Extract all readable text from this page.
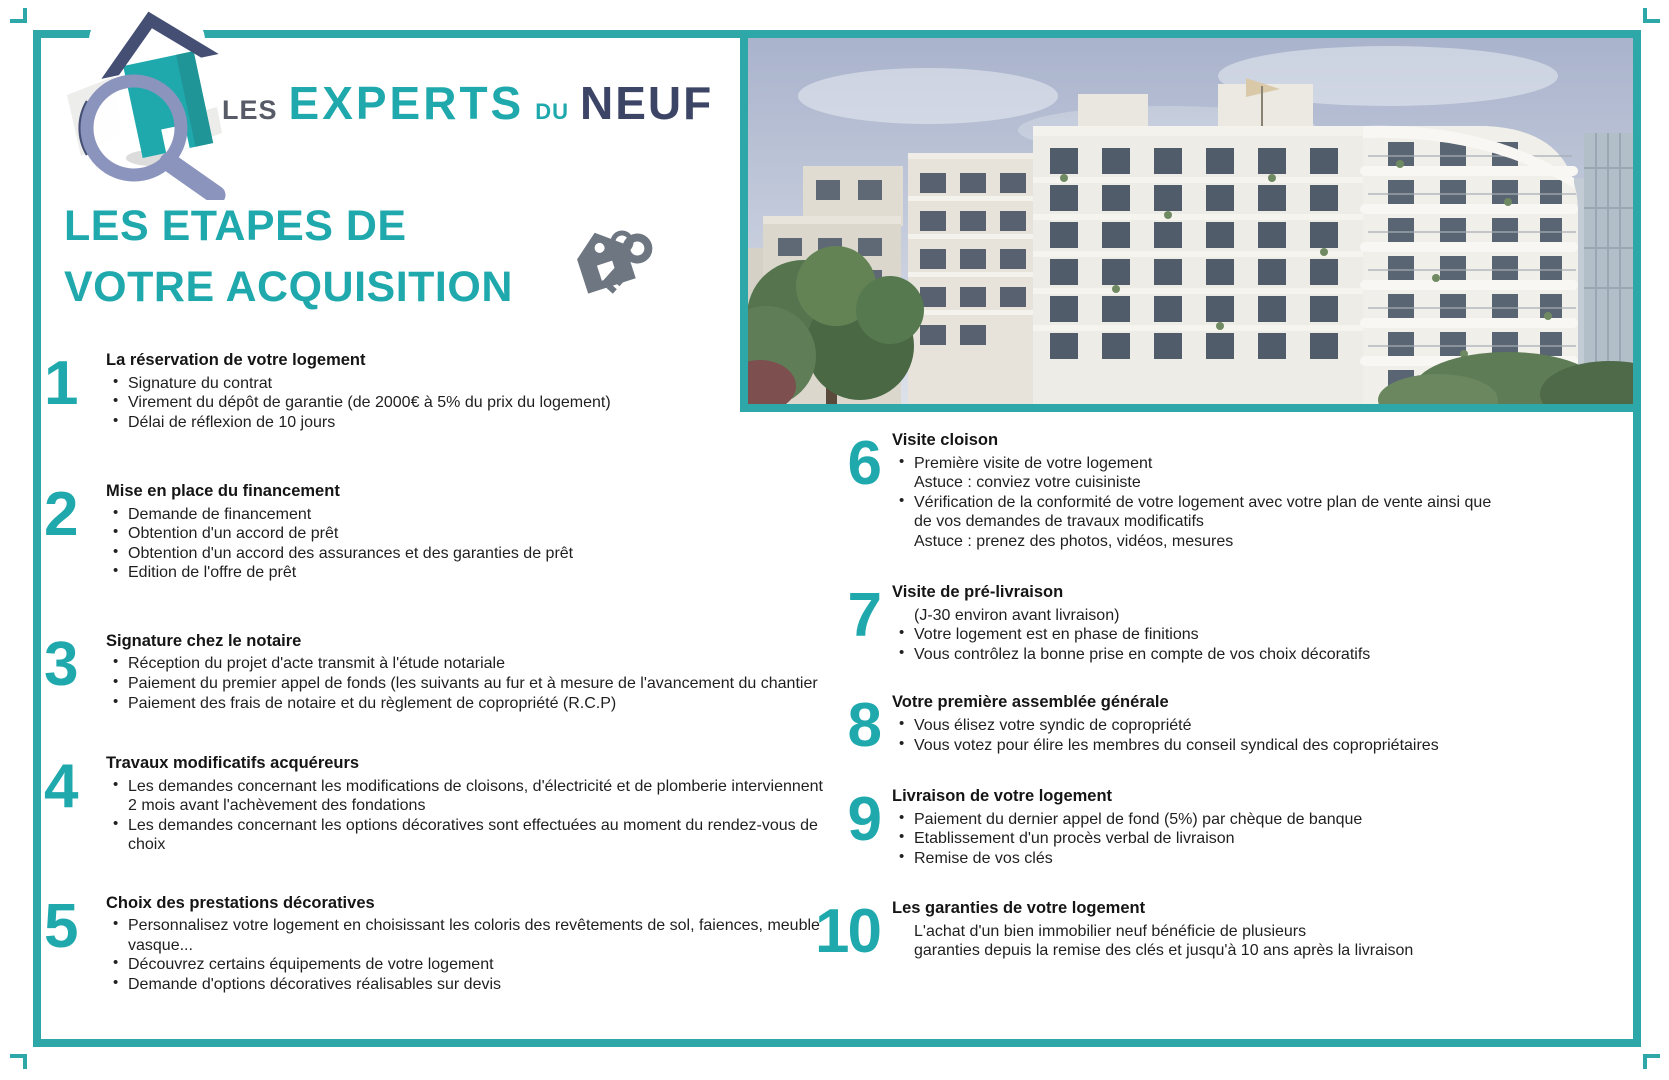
LES EXPERTS DU NEUF
LES ETAPES DE
VOTRE ACQUISITION
1	La réservation de votre logement
• Signature du contrat
• Virement du dépôt de garantie (de 2000€ à 5% du prix du logement)
• Délai de réflexion de 10 jours
2	Mise en place du financement
• Demande de financement
• Obtention d'un accord de prêt
• Obtention d'un accord des assurances et des garanties de prêt
• Edition de l'offre de prêt
3	Signature chez le notaire
• Réception du projet d'acte transmit à l'étude notariale
• Paiement du premier appel de fonds (les suivants au fur et à mesure de l'avancement du chantier
• Paiement des frais de notaire et du règlement de copropriété (R.C.P)
4	Travaux modificatifs acquéreurs
• Les demandes concernant les modifications de cloisons, d'électricité et de plomberie interviennent 2 mois avant l'achèvement des fondations
• Les demandes concernant les options décoratives sont effectuées au moment du rendez-vous de choix
5	Choix des prestations décoratives
• Personnalisez votre logement en choisissant les coloris des revêtements de sol, faiences, meuble vasque...
• Découvrez certains équipements de votre logement
• Demande d'options décoratives réalisables sur devis
6 Visite cloison
• Première visite de votre logement
Astuce : conviez votre cuisiniste
• Vérification de la conformité de votre logement avec votre plan de vente ainsi que de vos demandes de travaux modificatifs
Astuce : prenez des photos, vidéos, mesures
7 Visite de pré-livraison
(J-30 environ avant livraison)
• Votre logement est en phase de finitions
• Vous contrôlez la bonne prise en compte de vos choix décoratifs
8 Votre première assemblée générale
• Vous élisez votre syndic de copropriété
• Vous votez pour élire les membres du conseil syndical des copropriétaires
9 Livraison de votre logement
• Paiement du dernier appel de fond (5%) par chèque de banque
• Etablissement d'un procès verbal de livraison
• Remise de vos clés
10 Les garanties de votre logement
L'achat d'un bien immobilier neuf bénéficie de plusieurs
garanties depuis la remise des clés et jusqu'à 10 ans après la livraison
